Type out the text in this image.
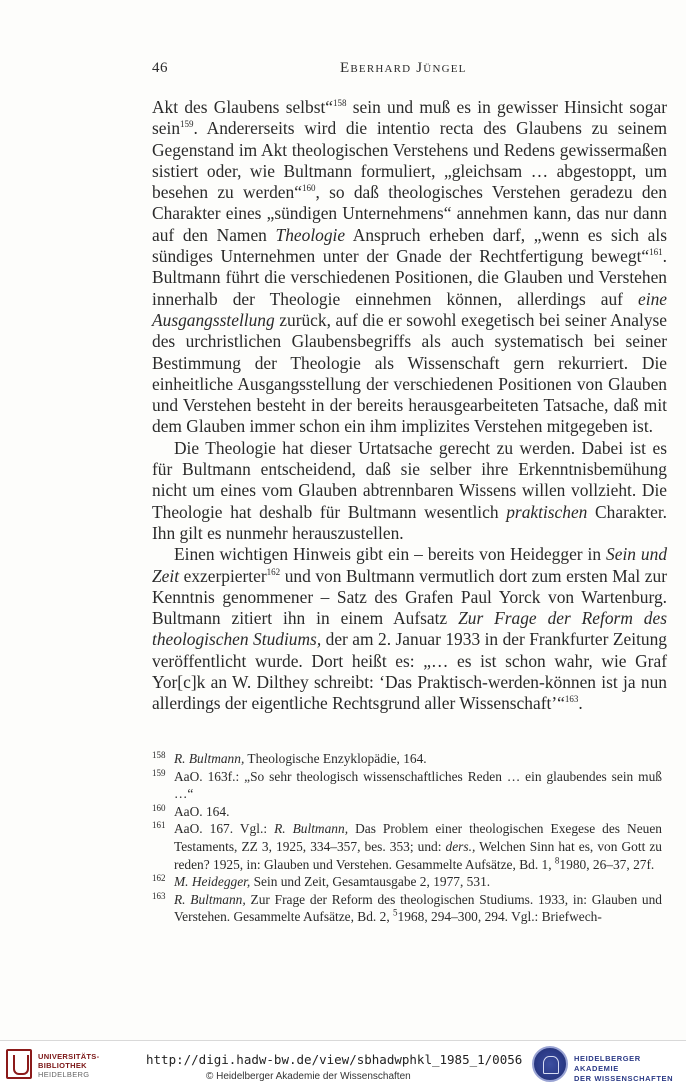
46	Eberhard Jüngel

Akt des Glaubens selbst“$^{158}$ sein und muß es in gewisser Hinsicht sogar sein$^{159}$. Andererseits wird die intentio recta des Glaubens zu seinem Gegenstand im Akt theologischen Verstehens und Redens gewissermaßen sistiert oder, wie Bultmann formuliert, „gleichsam … abgestoppt, um besehen zu werden“$^{160}$, so daß theologisches Verstehen geradezu den Charakter eines „sündigen Unternehmens“ annehmen kann, das nur dann auf den Namen Theologie Anspruch erheben darf, „wenn es sich als sündiges Unternehmen unter der Gnade der Rechtfertigung bewegt“$^{161}$. Bultmann führt die verschiedenen Positionen, die Glauben und Verstehen innerhalb der Theologie einnehmen können, allerdings auf eine Ausgangsstellung zurück, auf die er sowohl exegetisch bei seiner Analyse des urchristlichen Glaubensbegriffs als auch systematisch bei seiner Bestimmung der Theologie als Wissenschaft gern rekurriert. Die einheitliche Ausgangsstellung der verschiedenen Positionen von Glauben und Verstehen besteht in der bereits herausgearbeiteten Tatsache, daß mit dem Glauben immer schon ein ihm implizites Verstehen mitgegeben ist.

Die Theologie hat dieser Urtatsache gerecht zu werden. Dabei ist es für Bultmann entscheidend, daß sie selber ihre Erkenntnisbemühung nicht um eines vom Glauben abtrennbaren Wissens willen vollzieht. Die Theologie hat deshalb für Bultmann wesentlich praktischen Charakter. Ihn gilt es nunmehr herauszustellen.

Einen wichtigen Hinweis gibt ein – bereits von Heidegger in Sein und Zeit exzerpierter$^{162}$ und von Bultmann vermutlich dort zum ersten Mal zur Kenntnis genommener – Satz des Grafen Paul Yorck von Wartenburg. Bultmann zitiert ihn in einem Aufsatz Zur Frage der Reform des theologischen Studiums, der am 2. Januar 1933 in der Frankfurter Zeitung veröffentlicht wurde. Dort heißt es: „… es ist schon wahr, wie Graf Yor[c]k an W. Dilthey schreibt: ‘Das Praktisch-werden-können ist ja nun allerdings der eigentliche Rechtsgrund aller Wissenschaft’“$^{163}$.

158 R. Bultmann, Theologische Enzyklopädie, 164.
159 AaO. 163f.: „So sehr theologisch wissenschaftliches Reden … ein glaubendes sein muß …“
160 AaO. 164.
161 AaO. 167. Vgl.: R. Bultmann, Das Problem einer theologischen Exegese des Neuen Testaments, ZZ 3, 1925, 334–357, bes. 353; und: ders., Welchen Sinn hat es, von Gott zu reden? 1925, in: Glauben und Verstehen. Gesammelte Aufsätze, Bd. 1, $^8$1980, 26–37, 27f.
162 M. Heidegger, Sein und Zeit, Gesamtausgabe 2, 1977, 531.
163 R. Bultmann, Zur Frage der Reform des theologischen Studiums. 1933, in: Glauben und Verstehen. Gesammelte Aufsätze, Bd. 2, $^5$1968, 294–300, 294. Vgl.: Briefwech-
UNIVERSITÄTS-
BIBLIOTHEK
HEIDELBERG
http://digi.hadw-bw.de/view/sbhadwphkl_1985_1/0056
© Heidelberger Akademie der Wissenschaften
HEIDELBERGER AKADEMIE
DER WISSENSCHAFTEN
